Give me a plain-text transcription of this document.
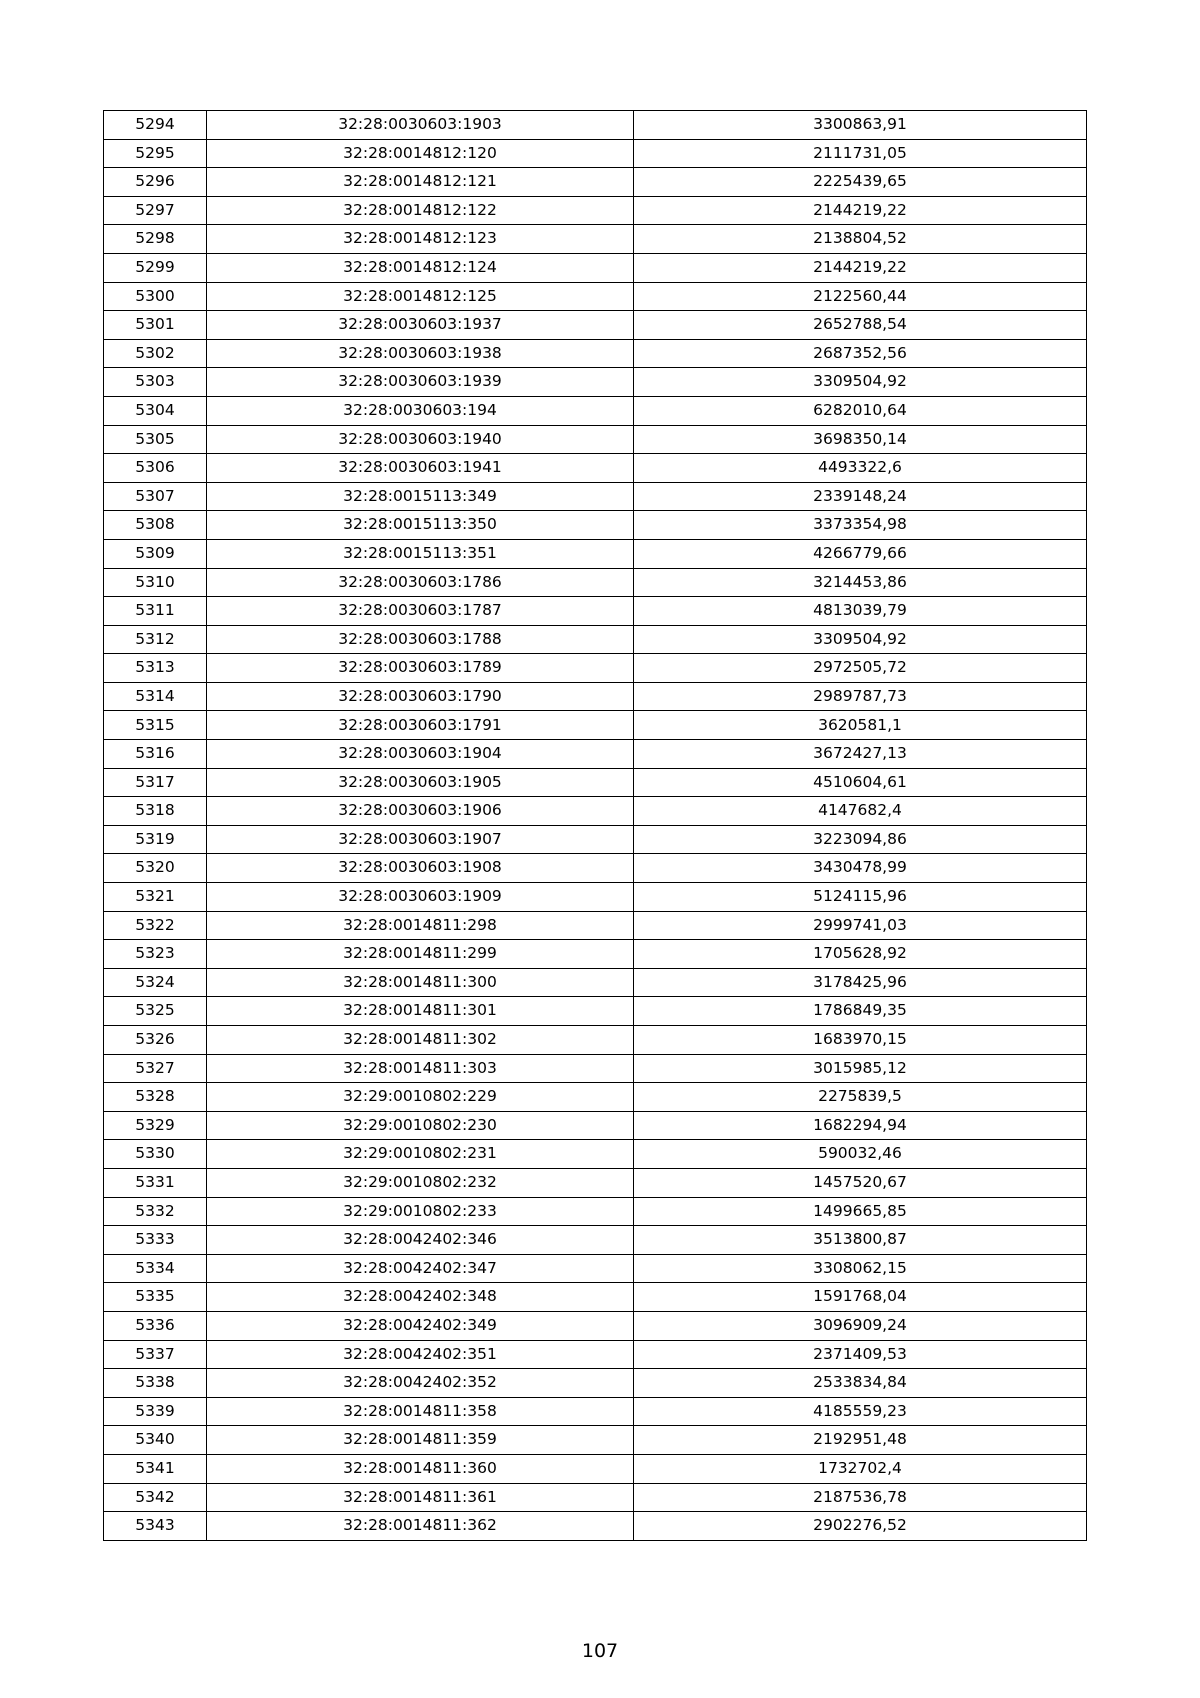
5294	32:28:0030603:1903	3300863,91
5295	32:28:0014812:120	2111731,05
5296	32:28:0014812:121	2225439,65
5297	32:28:0014812:122	2144219,22
5298	32:28:0014812:123	2138804,52
5299	32:28:0014812:124	2144219,22
5300	32:28:0014812:125	2122560,44
5301	32:28:0030603:1937	2652788,54
5302	32:28:0030603:1938	2687352,56
5303	32:28:0030603:1939	3309504,92
5304	32:28:0030603:194	6282010,64
5305	32:28:0030603:1940	3698350,14
5306	32:28:0030603:1941	4493322,6
5307	32:28:0015113:349	2339148,24
5308	32:28:0015113:350	3373354,98
5309	32:28:0015113:351	4266779,66
5310	32:28:0030603:1786	3214453,86
5311	32:28:0030603:1787	4813039,79
5312	32:28:0030603:1788	3309504,92
5313	32:28:0030603:1789	2972505,72
5314	32:28:0030603:1790	2989787,73
5315	32:28:0030603:1791	3620581,1
5316	32:28:0030603:1904	3672427,13
5317	32:28:0030603:1905	4510604,61
5318	32:28:0030603:1906	4147682,4
5319	32:28:0030603:1907	3223094,86
5320	32:28:0030603:1908	3430478,99
5321	32:28:0030603:1909	5124115,96
5322	32:28:0014811:298	2999741,03
5323	32:28:0014811:299	1705628,92
5324	32:28:0014811:300	3178425,96
5325	32:28:0014811:301	1786849,35
5326	32:28:0014811:302	1683970,15
5327	32:28:0014811:303	3015985,12
5328	32:29:0010802:229	2275839,5
5329	32:29:0010802:230	1682294,94
5330	32:29:0010802:231	590032,46
5331	32:29:0010802:232	1457520,67
5332	32:29:0010802:233	1499665,85
5333	32:28:0042402:346	3513800,87
5334	32:28:0042402:347	3308062,15
5335	32:28:0042402:348	1591768,04
5336	32:28:0042402:349	3096909,24
5337	32:28:0042402:351	2371409,53
5338	32:28:0042402:352	2533834,84
5339	32:28:0014811:358	4185559,23
5340	32:28:0014811:359	2192951,48
5341	32:28:0014811:360	1732702,4
5342	32:28:0014811:361	2187536,78
5343	32:28:0014811:362	2902276,52
107
